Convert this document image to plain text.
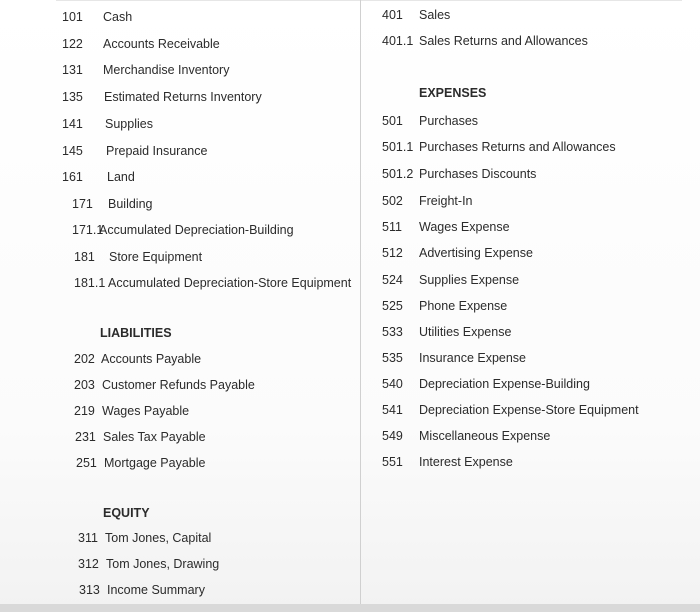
101 Cash
122 Accounts Receivable
131 Merchandise Inventory
135 Estimated Returns Inventory
141 Supplies
145 Prepaid Insurance
161 Land
171 Building
171.1Accumulated Depreciation-Building
181 Store Equipment
181.1 Accumulated Depreciation-Store Equipment
LIABILITIES
202 Accounts Payable
203 Customer Refunds Payable
219 Wages Payable
231 Sales Tax Payable
251 Mortgage Payable
EQUITY
311 Tom Jones, Capital
312 Tom Jones, Drawing
313 Income Summary
401 Sales
401.1 Sales Returns and Allowances
EXPENSES
501 Purchases
501.1 Purchases Returns and Allowances
501.2 Purchases Discounts
502 Freight-In
511 Wages Expense
512 Advertising Expense
524 Supplies Expense
525 Phone Expense
533 Utilities Expense
535 Insurance Expense
540 Depreciation Expense-Building
541 Depreciation Expense-Store Equipment
549 Miscellaneous Expense
551 Interest Expense
